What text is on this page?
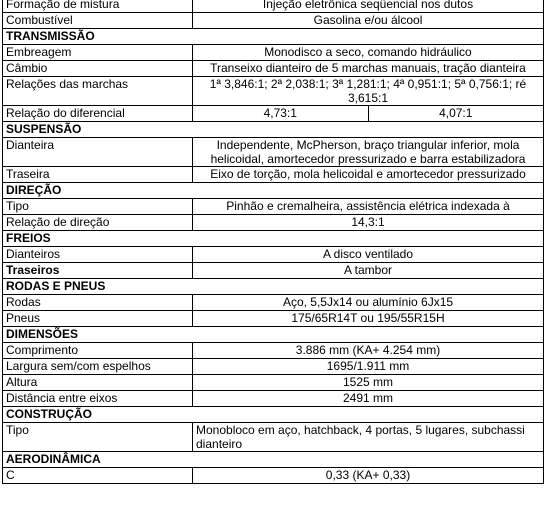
Formação de mistura	Injeção eletrônica seqüencial nos dutos	
Combustível	Gasolina e/ou álcool	
TRANSMISSÃO		
Embreagem	Monodisco a seco, comando hidráulico	
Câmbio	Transeixo dianteiro de 5 marchas manuais, tração dianteira	
Relações das marchas	1ª 3,846:1; 2ª 2,038:1; 3ª 1,281:1; 4ª 0,951:1; 5ª 0,756:1; ré 3,615:1	
Relação do diferencial	4,73:1	4,07:1
SUSPENSÃO		
Dianteira	Independente, McPherson, braço triangular inferior, mola helicoidal, amortecedor pressurizado e barra estabilizadora	
Traseira	Eixo de torção, mola helicoidal e amortecedor pressurizado	
DIREÇÃO		
Tipo	Pinhão e cremalheira, assistência elétrica indexada à	
Relação de direção	14,3:1	
FREIOS		
Dianteiros	A disco ventilado	
Traseiros	A tambor	
RODAS E PNEUS		
Rodas	Aço, 5,5Jx14 ou alumínio 6Jx15	
Pneus	175/65R14T ou 195/55R15H	
DIMENSÕES		
Comprimento	3.886 mm (KA+ 4.254 mm)	
Largura sem/com espelhos	1695/1.911 mm	
Altura	1525 mm	
Distância entre eixos	2491 mm	
CONSTRUÇÃO		
Tipo	Monobloco em aço, hatchback, 4 portas, 5 lugares, subchassi dianteiro	
AERODINÂMICA		
C	0,33 (KA+ 0,33)	
